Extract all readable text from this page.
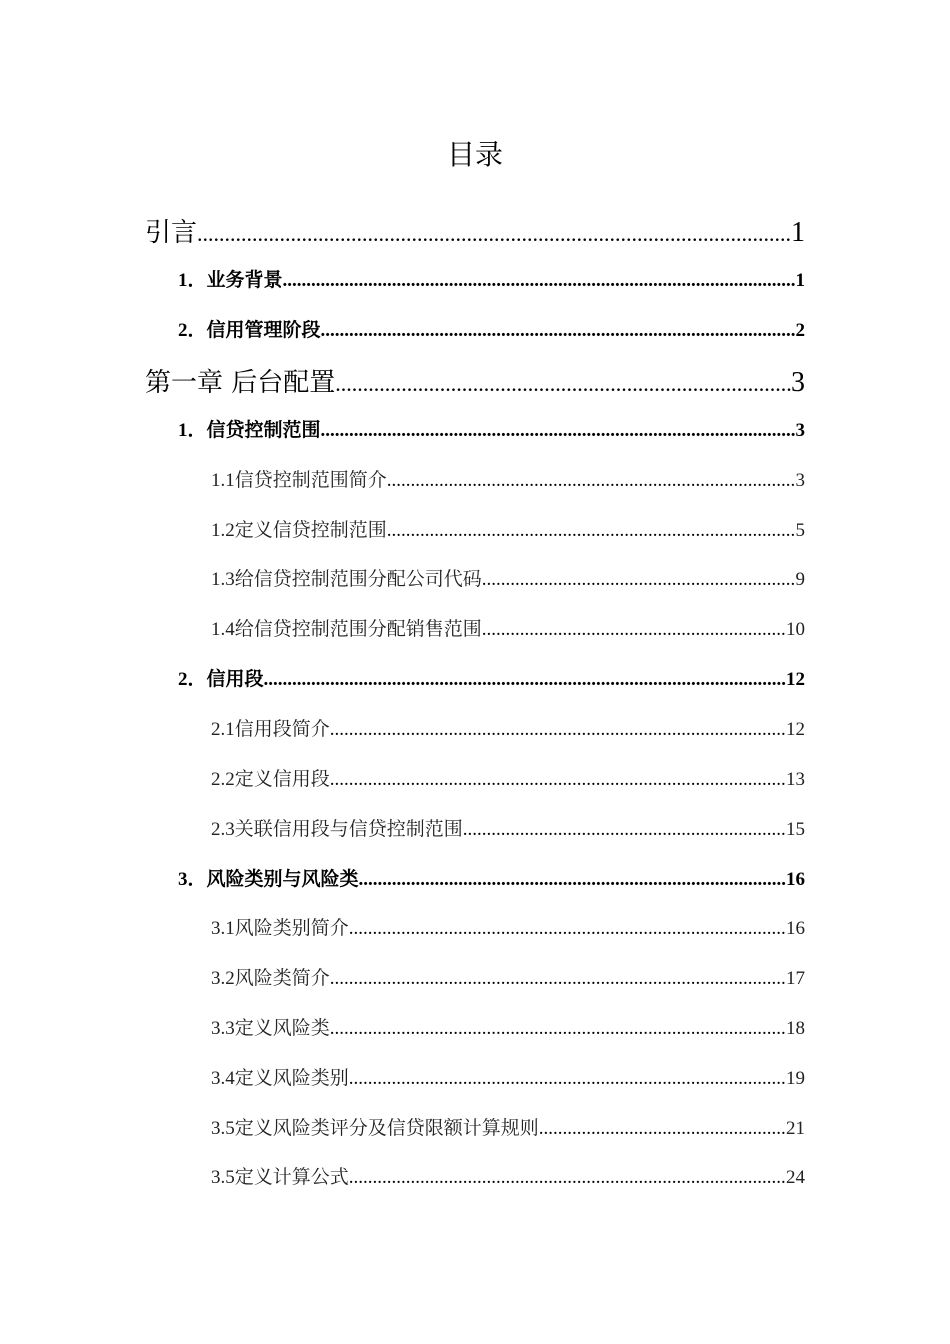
目录
引言 .....	1
1． 业务背景 .....	1
2． 信用管理阶段 .....	2
第一章 后台配置 .....	3
1． 信贷控制范围 .....	3
1.1 信贷控制范围简介 .....	3
1.2 定义信贷控制范围 .....	5
1.3 给信贷控制范围分配公司代码 .....	9
1.4 给信贷控制范围分配销售范围 .....	10
2． 信用段 .....	12
2.1 信用段简介 .....	12
2.2 定义信用段 .....	13
2.3 关联信用段与信贷控制范围 .....	15
3． 风险类别与风险类 .....	16
3.1 风险类别简介 .....	16
3.2 风险类简介 .....	17
3.3 定义风险类 .....	18
3.4 定义风险类别 .....	19
3.5 定义风险类评分及信贷限额计算规则 .....	21
3.5 定义计算公式 .....	24
